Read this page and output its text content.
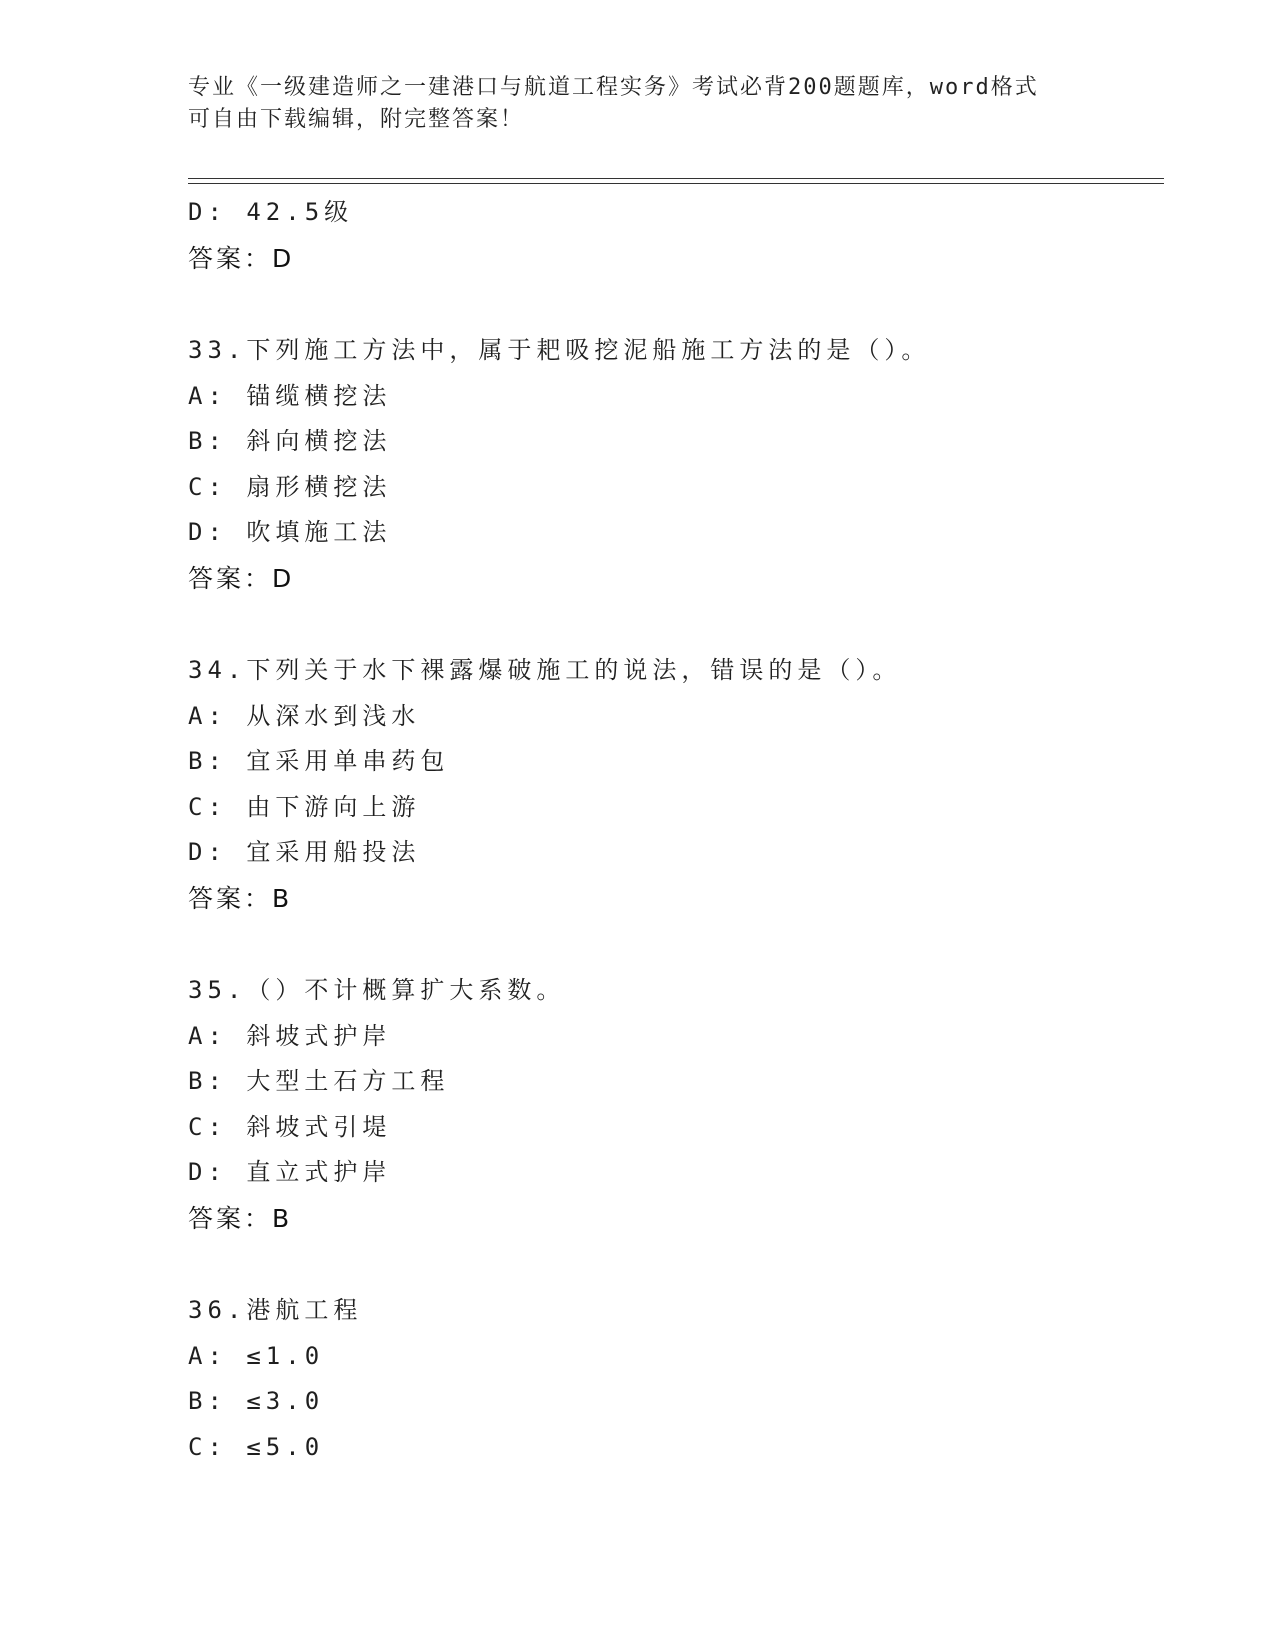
专业《一级建造师之一建港口与航道工程实务》考试必背200题题库，word格式
可自由下载编辑，附完整答案！
D: 42.5级
答案：D
33.下列施工方法中，属于耙吸挖泥船施工方法的是（）。
A: 锚缆横挖法
B: 斜向横挖法
C: 扇形横挖法
D: 吹填施工法
答案：D
34.下列关于水下裸露爆破施工的说法，错误的是（）。
A: 从深水到浅水
B: 宜采用单串药包
C: 由下游向上游
D: 宜采用船投法
答案：B
35.（）不计概算扩大系数。
A: 斜坡式护岸
B: 大型土石方工程
C: 斜坡式引堤
D: 直立式护岸
答案：B
36.港航工程
A: ≤1.0
B: ≤3.0
C: ≤5.0
